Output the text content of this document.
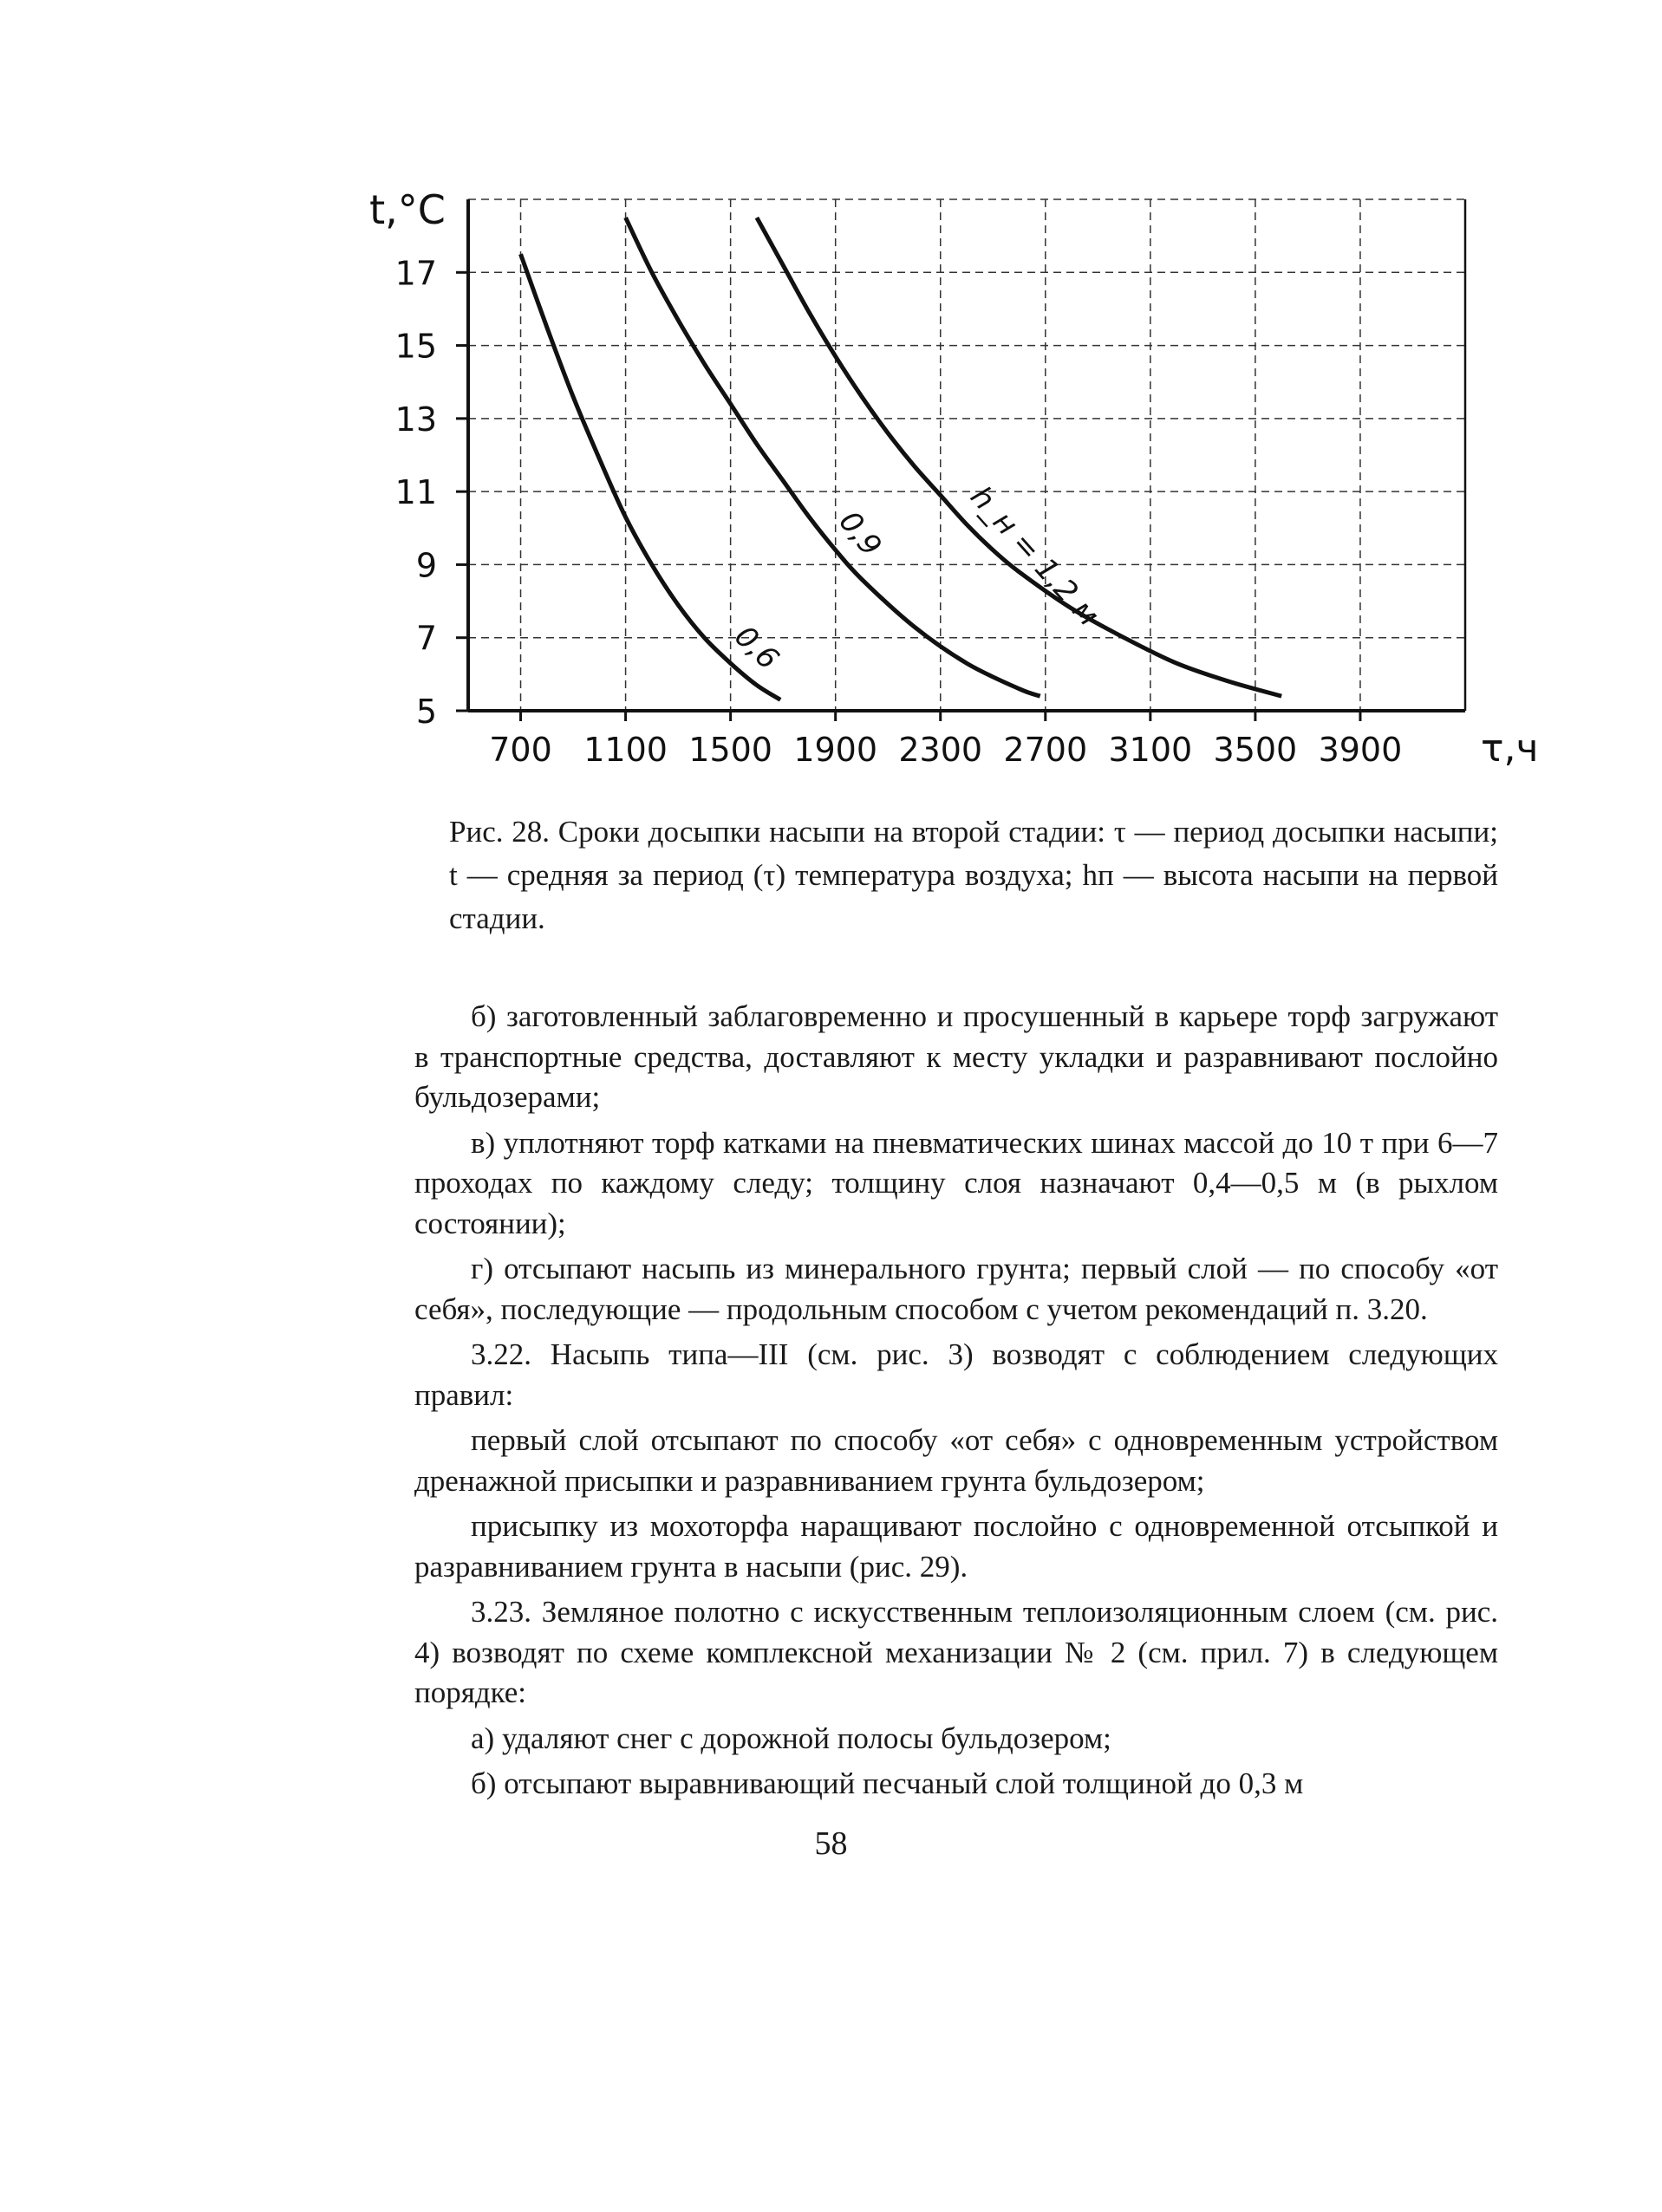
5
7
9
11
13
15
17
700 1100 1500 1900 2300 2700 3100 3500 3900
t,°C
τ,ч
0,6
0,9	h_н = 1,2 м
Рис. 28. Сроки досыпки насыпи на второй стадии: τ — период досыпки насыпи; t — средняя за период (τ) температура воздуха; hп — высота насыпи на первой стадии.

б) заготовленный заблаговременно и просушенный в карьере торф загружают в транспортные средства, доставляют к месту укладки и разравнивают послойно бульдозерами;

в) уплотняют торф катками на пневматических шинах массой до 10 т при 6—7 проходах по каждому следу; толщину слоя назначают 0,4—0,5 м (в рыхлом состоянии);

г) отсыпают насыпь из минерального грунта; первый слой — по способу «от себя», последующие — продольным способом с учетом рекомендаций п. 3.20.

3.22. Насыпь типа—III (см. рис. 3) возводят с соблюдением следующих правил:

первый слой отсыпают по способу «от себя» с одновременным устройством дренажной присыпки и разравниванием грунта бульдозером;

присыпку из мохоторфа наращивают послойно с одновременной отсыпкой и разравниванием грунта в насыпи (рис. 29).

3.23. Земляное полотно с искусственным теплоизоляционным слоем (см. рис. 4) возводят по схеме комплексной механизации № 2 (см. прил. 7) в следующем порядке:

а) удаляют снег с дорожной полосы бульдозером;

б) отсыпают выравнивающий песчаный слой толщиной до 0,3 м

58
